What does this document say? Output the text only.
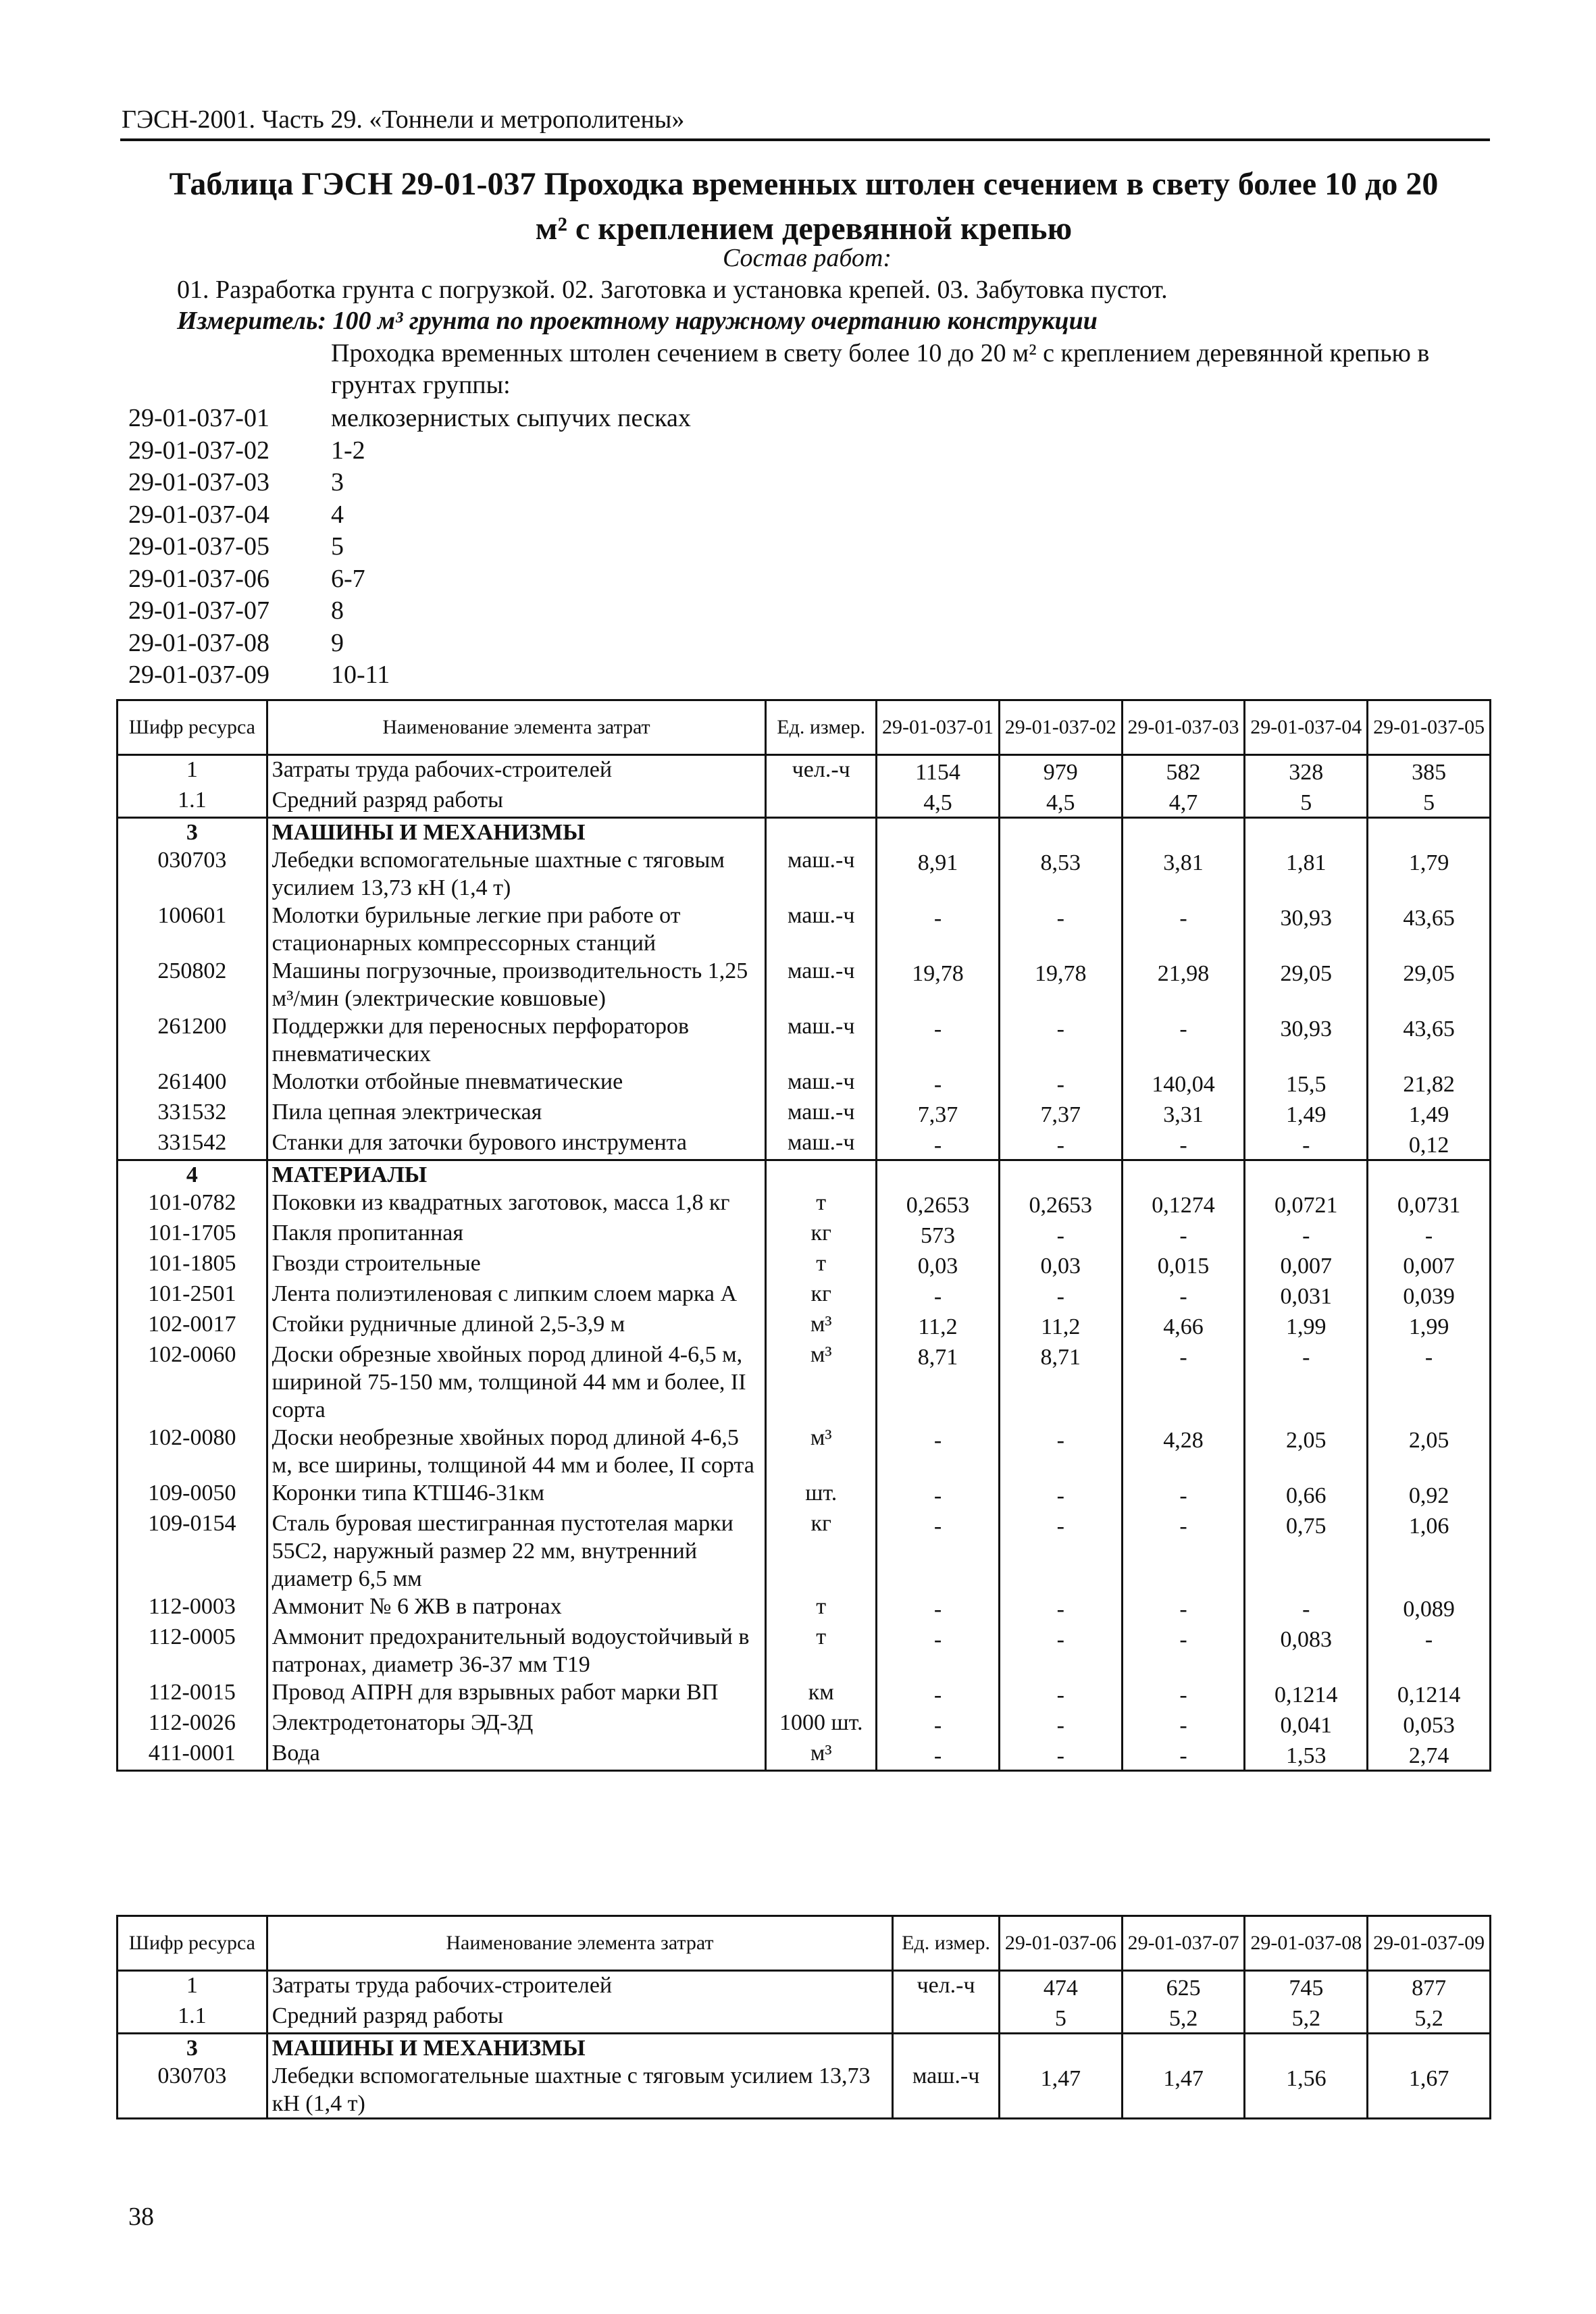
ГЭСН-2001. Часть 29. «Тоннели и метрополитены»
Таблица ГЭСН 29-01-037 Проходка временных штолен сечением в свету более 10 до 20
м² с креплением деревянной крепью
Состав работ:
01. Разработка грунта с погрузкой. 02. Заготовка и установка крепей. 03. Забутовка пустот.
Измеритель: 100 м³ грунта по проектному наружному очертанию конструкции
Проходка временных штолен сечением в свету более 10 до 20 м² с креплением деревянной крепью в грунтах группы:
29-01-037-01	мелкозернистых сыпучих песках
29-01-037-02	1-2
29-01-037-03	3
29-01-037-04	4
29-01-037-05	5
29-01-037-06	6-7
29-01-037-07	8
29-01-037-08	9
29-01-037-09	10-11
Шифр ресурса	Наименование элемента затрат	Ед. измер.	29-01-037-01	29-01-037-02	29-01-037-03	29-01-037-04	29-01-037-05
1	Затраты труда рабочих-строителей	чел.-ч	1154	979	582	328	385
1.1	Средний разряд работы		4,5	4,5	4,7	5	5
3	МАШИНЫ И МЕХАНИЗМЫ						
030703	Лебедки вспомогательные шахтные с тяговым усилием 13,73 кН (1,4 т)	маш.-ч	8,91	8,53	3,81	1,81	1,79
100601	Молотки бурильные легкие при работе от стационарных компрессорных станций	маш.-ч	-	-	-	30,93	43,65
250802	Машины погрузочные, производительность 1,25 м³/мин (электрические ковшовые)	маш.-ч	19,78	19,78	21,98	29,05	29,05
261200	Поддержки для переносных перфораторов пневматических	маш.-ч	-	-	-	30,93	43,65
261400	Молотки отбойные пневматические	маш.-ч	-	-	140,04	15,5	21,82
331532	Пила цепная электрическая	маш.-ч	7,37	7,37	3,31	1,49	1,49
331542	Станки для заточки бурового инструмента	маш.-ч	-	-	-	-	0,12
4	МАТЕРИАЛЫ						
101-0782	Поковки из квадратных заготовок, масса 1,8 кг	т	0,2653	0,2653	0,1274	0,0721	0,0731
101-1705	Пакля пропитанная	кг	573	-	-	-	-
101-1805	Гвозди строительные	т	0,03	0,03	0,015	0,007	0,007
101-2501	Лента полиэтиленовая с липким слоем марка А	кг	-	-	-	0,031	0,039
102-0017	Стойки рудничные длиной 2,5-3,9 м	м³	11,2	11,2	4,66	1,99	1,99
102-0060	Доски обрезные хвойных пород длиной 4-6,5 м, шириной 75-150 мм, толщиной 44 мм и более, II сорта	м³	8,71	8,71	-	-	-
102-0080	Доски необрезные хвойных пород длиной 4-6,5 м, все ширины, толщиной 44 мм и более, II сорта	м³	-	-	4,28	2,05	2,05
109-0050	Коронки типа КТШ46-31км	шт.	-	-	-	0,66	0,92
109-0154	Сталь буровая шестигранная пустотелая марки 55С2, наружный размер 22 мм, внутренний диаметр 6,5 мм	кг	-	-	-	0,75	1,06
112-0003	Аммонит № 6 ЖВ в патронах	т	-	-	-	-	0,089
112-0005	Аммонит предохранительный водоустойчивый в патронах, диаметр 36-37 мм Т19	т	-	-	-	0,083	-
112-0015	Провод АПРН для взрывных работ марки ВП	км	-	-	-	0,1214	0,1214
112-0026	Электродетонаторы ЭД-ЗД	1000 шт.	-	-	-	0,041	0,053
411-0001	Вода	м³	-	-	-	1,53	2,74
Шифр ресурса	Наименование элемента затрат	Ед. измер.	29-01-037-06	29-01-037-07	29-01-037-08	29-01-037-09
1	Затраты труда рабочих-строителей	чел.-ч	474	625	745	877
1.1	Средний разряд работы		5	5,2	5,2	5,2
3	МАШИНЫ И МЕХАНИЗМЫ					
030703	Лебедки вспомогательные шахтные с тяговым усилием 13,73 кН (1,4 т)	маш.-ч	1,47	1,47	1,56	1,67
38
